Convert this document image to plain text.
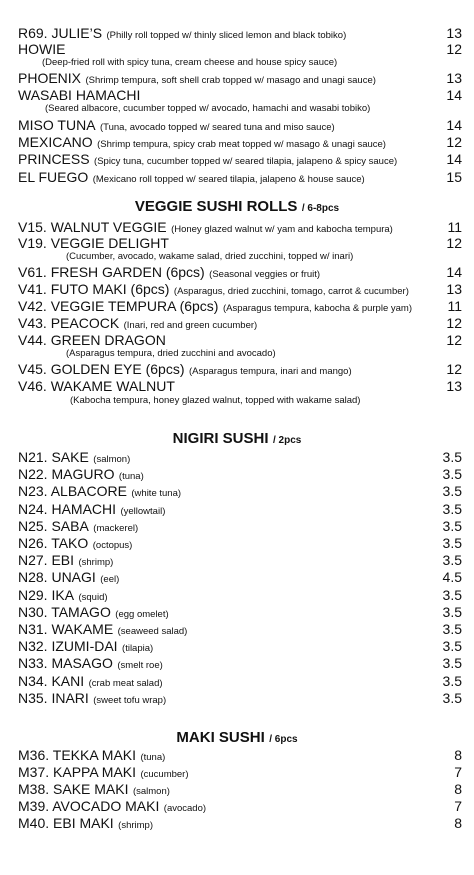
R69. JULIE’S (Philly roll topped w/ thinly sliced lemon and black tobiko)	13
HOWIE	12
(Deep-fried roll with spicy tuna, cream cheese and house spicy sauce)
PHOENIX (Shrimp tempura, soft shell crab topped w/ masago and unagi sauce)	13
WASABI HAMACHI	14
(Seared albacore, cucumber topped w/ avocado, hamachi and wasabi tobiko)
MISO TUNA (Tuna, avocado topped w/ seared tuna and miso sauce)	14
MEXICANO (Shrimp tempura, spicy crab meat topped w/ masago & unagi sauce)	12
PRINCESS (Spicy tuna, cucumber topped w/ seared tilapia, jalapeno & spicy sauce)	14
EL FUEGO (Mexicano roll topped w/ seared tilapia, jalapeno & house sauce)	15
VEGGIE SUSHI ROLLS / 6-8pcs
V15. WALNUT VEGGIE (Honey glazed walnut w/ yam and kabocha tempura)	11
V19. VEGGIE DELIGHT	12
(Cucumber, avocado, wakame salad, dried zucchini, topped w/ inari)
V61. FRESH GARDEN (6pcs) (Seasonal veggies or fruit)	14
V41. FUTO MAKI (6pcs) (Asparagus, dried zucchini, tomago, carrot & cucumber)	13
V42. VEGGIE TEMPURA (6pcs) (Asparagus tempura, kabocha & purple yam)	11
V43. PEACOCK (Inari, red and green cucumber)	12
V44. GREEN DRAGON	12
(Asparagus tempura, dried zucchini and avocado)
V45. GOLDEN EYE (6pcs) (Asparagus tempura, inari and mango)	12
V46. WAKAME WALNUT	13
(Kabocha tempura, honey glazed walnut, topped with wakame salad)
NIGIRI SUSHI / 2pcs
N21. SAKE (salmon)	3.5
N22. MAGURO (tuna)	3.5
N23. ALBACORE (white tuna)	3.5
N24. HAMACHI (yellowtail)	3.5
N25. SABA (mackerel)	3.5
N26. TAKO (octopus)	3.5
N27. EBI (shrimp)	3.5
N28. UNAGI (eel)	4.5
N29. IKA (squid)	3.5
N30. TAMAGO (egg omelet)	3.5
N31. WAKAME (seaweed salad)	3.5
N32. IZUMI-DAI (tilapia)	3.5
N33. MASAGO (smelt roe)	3.5
N34. KANI (crab meat salad)	3.5
N35. INARI (sweet tofu wrap)	3.5
MAKI SUSHI / 6pcs
M36. TEKKA MAKI (tuna)	8
M37. KAPPA MAKI (cucumber)	7
M38. SAKE MAKI (salmon)	8
M39. AVOCADO MAKI (avocado)	7
M40. EBI MAKI (shrimp)	8
